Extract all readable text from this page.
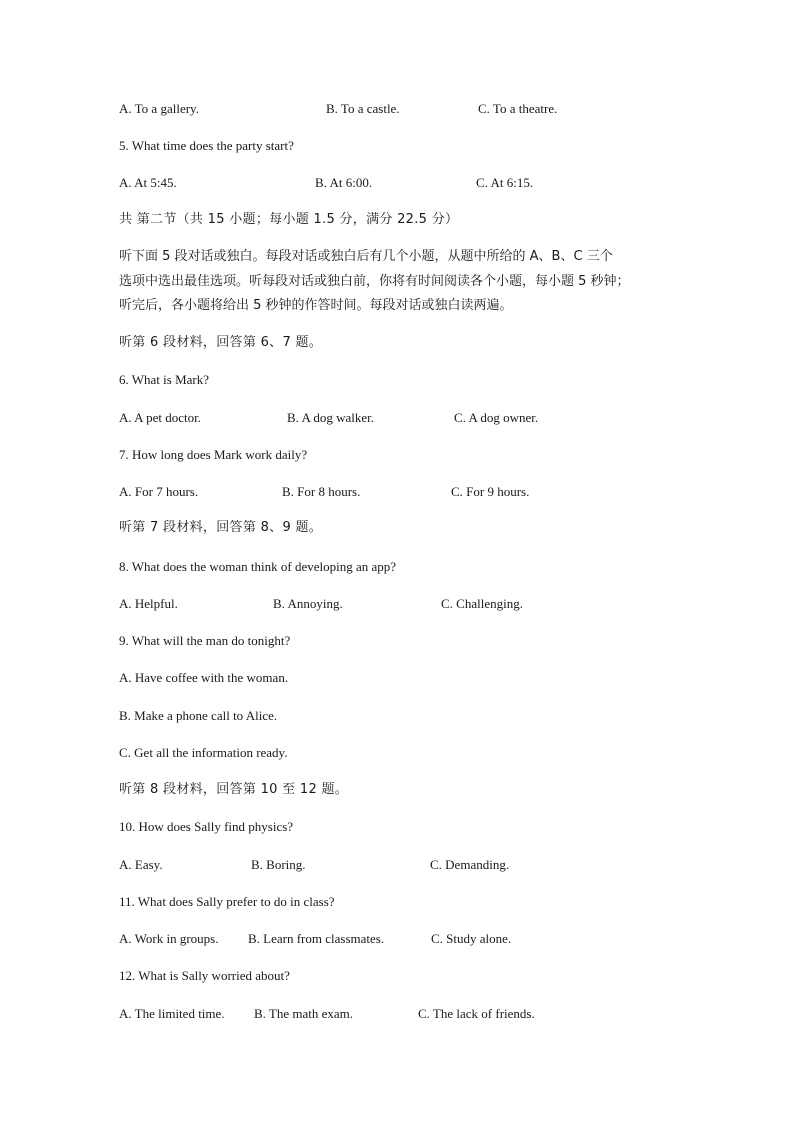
A. To a gallery.	B. To a castle.	C. To a theatre.
5. What time does the party start?
A. At 5:45.	B. At 6:00.	C. At 6:15.
共 第二节（共 15 小题；每小题 1.5 分，满分 22.5 分）
听下面 5 段对话或独白。每段对话或独白后有几个小题，从题中所给的 A、B、C 三个
选项中选出最佳选项。听每段对话或独白前，你将有时间阅读各个小题，每小题 5 秒钟；
听完后，各小题将给出 5 秒钟的作答时间。每段对话或独白读两遍。
听第 6 段材料，回答第 6、7 题。
6. What is Mark?
A. A pet doctor.	B. A dog walker.	C. A dog owner.
7. How long does Mark work daily?
A. For 7 hours.	B. For 8 hours.	C. For 9 hours.
听第 7 段材料，回答第 8、9 题。
8. What does the woman think of developing an app?
A. Helpful.	B. Annoying.	C. Challenging.
9. What will the man do tonight?
A. Have coffee with the woman.
B. Make a phone call to Alice.
C. Get all the information ready.
听第 8 段材料，回答第 10 至 12 题。
10. How does Sally find physics?
A. Easy.	B. Boring.	C. Demanding.
11. What does Sally prefer to do in class?
A. Work in groups. B. Learn from classmates.	C. Study alone.
12. What is Sally worried about?
A. The limited time. B. The math exam.	C. The lack of friends.
